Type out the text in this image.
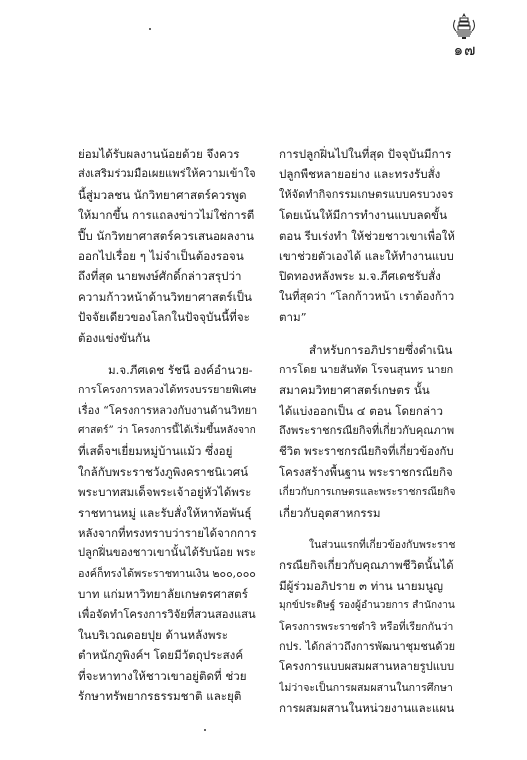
๑๗
ย่อมได้รับผลงานน้อยด้วย จึงควร
ส่งเสริมร่วมมือเผยแพร่ให้ความเข้าใจ
นี้สู่มวลชน นักวิทยาศาสตร์ควรพูด
ให้มากขึ้น การแถลงข่าวไม่ใช่การตี
ปี๊บ นักวิทยาศาสตร์ควรเสนอผลงาน
ออกไปเรื่อย ๆ ไม่จำเป็นต้องรอจน
ถึงที่สุด นายพงษ์ศักดิ์กล่าวสรุปว่า
ความก้าวหน้าด้านวิทยาศาสตร์เป็น
ปัจจัยเดียวของโลกในปัจจุบันนี้ที่จะ
ต้องแข่งขันกัน
ม.จ.ภีศเดช รัชนี องค์อำนวย-
การโครงการหลวงได้ทรงบรรยายพิเศษ
เรื่อง “โครงการหลวงกับงานด้านวิทยา
ศาสตร์” ว่า โครงการนี้ได้เริ่มขึ้นหลังจาก
ที่เสด็จฯเยี่ยมหมู่บ้านแม้ว ซึ่งอยู่
ใกล้กับพระราชวังภูพิงคราชนิเวศน์
พระบาทสมเด็จพระเจ้าอยู่หัวได้พระ
ราชทานหมู่ และรับสั่งให้หาท้อพันธุ์
หลังจากที่ทรงทราบว่ารายได้จากการ
ปลูกฝิ่นของชาวเขานั้นได้รับน้อย พระ
องค์ก็ทรงได้พระราชทานเงิน ๒๐๐,๐๐๐
บาท แก่มหาวิทยาลัยเกษตรศาสตร์
เพื่อจัดทำโครงการวิจัยที่สวนสองแสน
ในบริเวณดอยปุย ด้านหลังพระ
ตำหนักภูพิงค์ฯ โดยมีวัตถุประสงค์
ที่จะหาทางให้ชาวเขาอยู่ติดที่ ช่วย
รักษาทรัพยากรธรรมชาติ และยุติ
การปลูกฝิ่นไปในที่สุด ปัจจุบันมีการ
ปลูกพืชหลายอย่าง และทรงรับสั่ง
ให้จัดทำกิจกรรมเกษตรแบบครบวงจร
โดยเน้นให้มีการทำงานแบบลดขั้น
ตอน รีบเร่งทำ ให้ช่วยชาวเขาเพื่อให้
เขาช่วยตัวเองได้ และให้ทำงานแบบ
ปิดทองหลังพระ ม.จ.ภีศเดชรับสั่ง
ในที่สุดว่า “โลกก้าวหน้า เราต้องก้าว
ตาม”
สำหรับการอภิปรายซึ่งดำเนิน
การโดย นายสันทัด โรจนสุนทร นายก
สมาคมวิทยาศาสตร์เกษตร นั้น
ได้แบ่งออกเป็น ๔ ตอน โดยกล่าว
ถึงพระราชกรณียกิจที่เกี่ยวกับคุณภาพ
ชีวิต พระราชกรณียกิจที่เกี่ยวข้องกับ
โครงสร้างพื้นฐาน พระราชกรณียกิจ
เกี่ยวกับการเกษตรและพระราชกรณียกิจ
เกี่ยวกับอุตสาหกรรม
ในส่วนแรกที่เกี่ยวข้องกับพระราช
กรณียกิจเกี่ยวกับคุณภาพชีวิตนั้นได้
มีผู้ร่วมอภิปราย ๓ ท่าน นายมนูญ
มุกข์ประดิษฐ์ รองผู้อำนวยการ สำนักงาน
โครงการพระราชดำริ หรือที่เรียกกันว่า
กปร. ได้กล่าวถึงการพัฒนาชุมชนด้วย
โครงการแบบผสมผสานหลายรูปแบบ
ไม่ว่าจะเป็นการผสมผสานในการศึกษา
การผสมผสานในหน่วยงานและแผน
